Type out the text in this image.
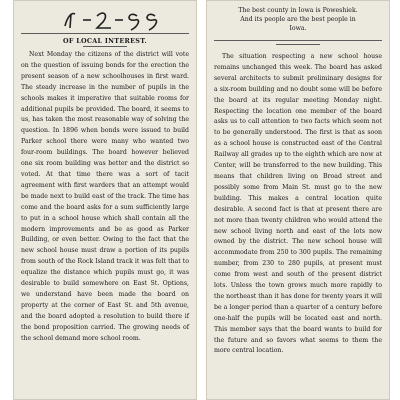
OF LOCAL INTEREST.

Next Monday the citizens of the district will vote on the question of issuing bonds for the erection the present season of a new schoolhouses in first ward. The steady increase in the number of pupils in the schools makes it imperative that suitable rooms for additional pupils be provided. The board, it seems to us, has taken the most reasonable way of solving the question. In 1896 when bonds were issued to build Parker school there were many who wanted two four-room buildings. The board however believed one six room building was better and the district so voted. At that time there was a sort of tacit agreement with first warders that an attempt would be made next to build east of the track. The time has come and the board asks for a sum sufficiently large to put in a school house which shall contain all the modern improvements and be as good as Parker Building, or even better. Owing to the fact that the new school house must draw a portion of its pupils from south of the Rock Island track it was felt that to equalize the distance which pupils must go, it was desirable to build somewhere on East St. Options, we understand have been made the board on property at the corner of East St. and 5th avenue, and the board adopted a resolution to build there if the bond proposition carried. The growing needs of the school demand more school room.

The best county in Iowa is Poweshiek.
And its people are the best people in
Iowa.

The situation respecting a new school house remains unchanged this week. The board has asked several architects to submit preliminary designs for a six-room building and no doubt some will be before the board at its regular meeting Monday night. Respecting the location one member of the board asks us to call attention to two facts which seem not to be generally understood. The first is that as soon as a school house is constructed east of the Central Railway all grades up to the eighth which are now at Center, will be transferred to the new building. This means that children living on Broad street and possibly some from Main St. must go to the new building. This makes a central location quite desirable. A second fact is that at present there are not more than twenty children who would attend the new school living north and east of the lots now owned by the district. The new school house will accommodate from 250 to 300 pupils. The remaining number, from 230 to 280 pupils, at present must come from west and south of the present district lots. Unless the town grows much more rapidly to the northeast than it has done for twenty years it will be a longer period than a quarter of a century before one-half the pupils will be located east and north. This member says that the board wants to build for the future and so favors what seems to them the more central location.
